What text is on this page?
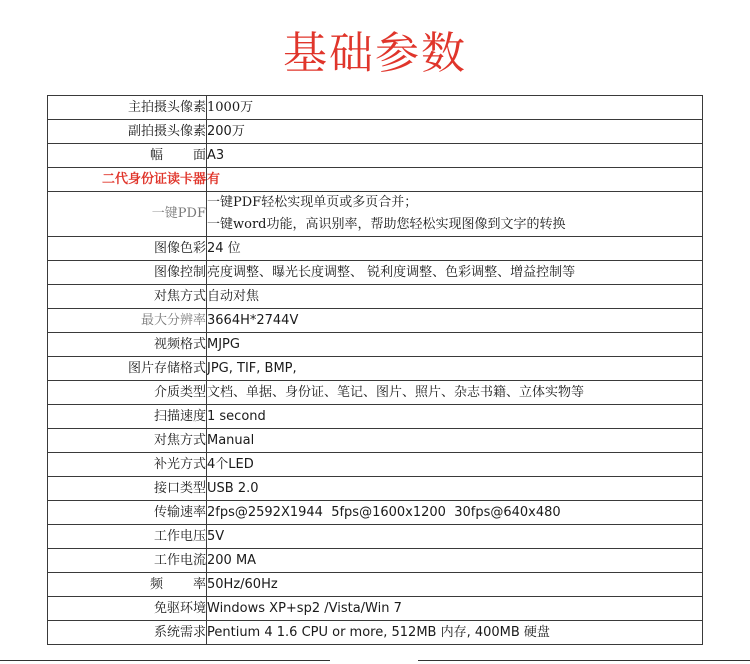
基础参数
主拍摄头像素	1000万
副拍摄头像素	200万
幅 面	A3
二代身份证读卡器	有
一键PDF	一键PDF轻松实现单页或多页合并；
一键word功能，高识别率，帮助您轻松实现图像到文字的转换

图像色彩	24 位
图像控制	亮度调整、曝光长度调整、 锐利度调整、色彩调整、增益控制等
对焦方式	自动对焦
最大分辨率	3664H*2744V
视频格式	MJPG
图片存储格式	JPG, TIF, BMP,
介质类型	文档、单据、身份证、笔记、图片、照片、杂志书籍、立体实物等
扫描速度	1 second
对焦方式	Manual
补光方式	4个LED
接口类型	USB 2.0
传输速率	2fps@2592X1944  5fps@1600x1200  30fps@640x480
工作电压	5V
工作电流	200 MA
频 率	50Hz/60Hz
免驱环境	Windows XP+sp2 /Vista/Win 7
系统需求	Pentium 4 1.6 CPU or more, 512MB 内存, 400MB 硬盘
